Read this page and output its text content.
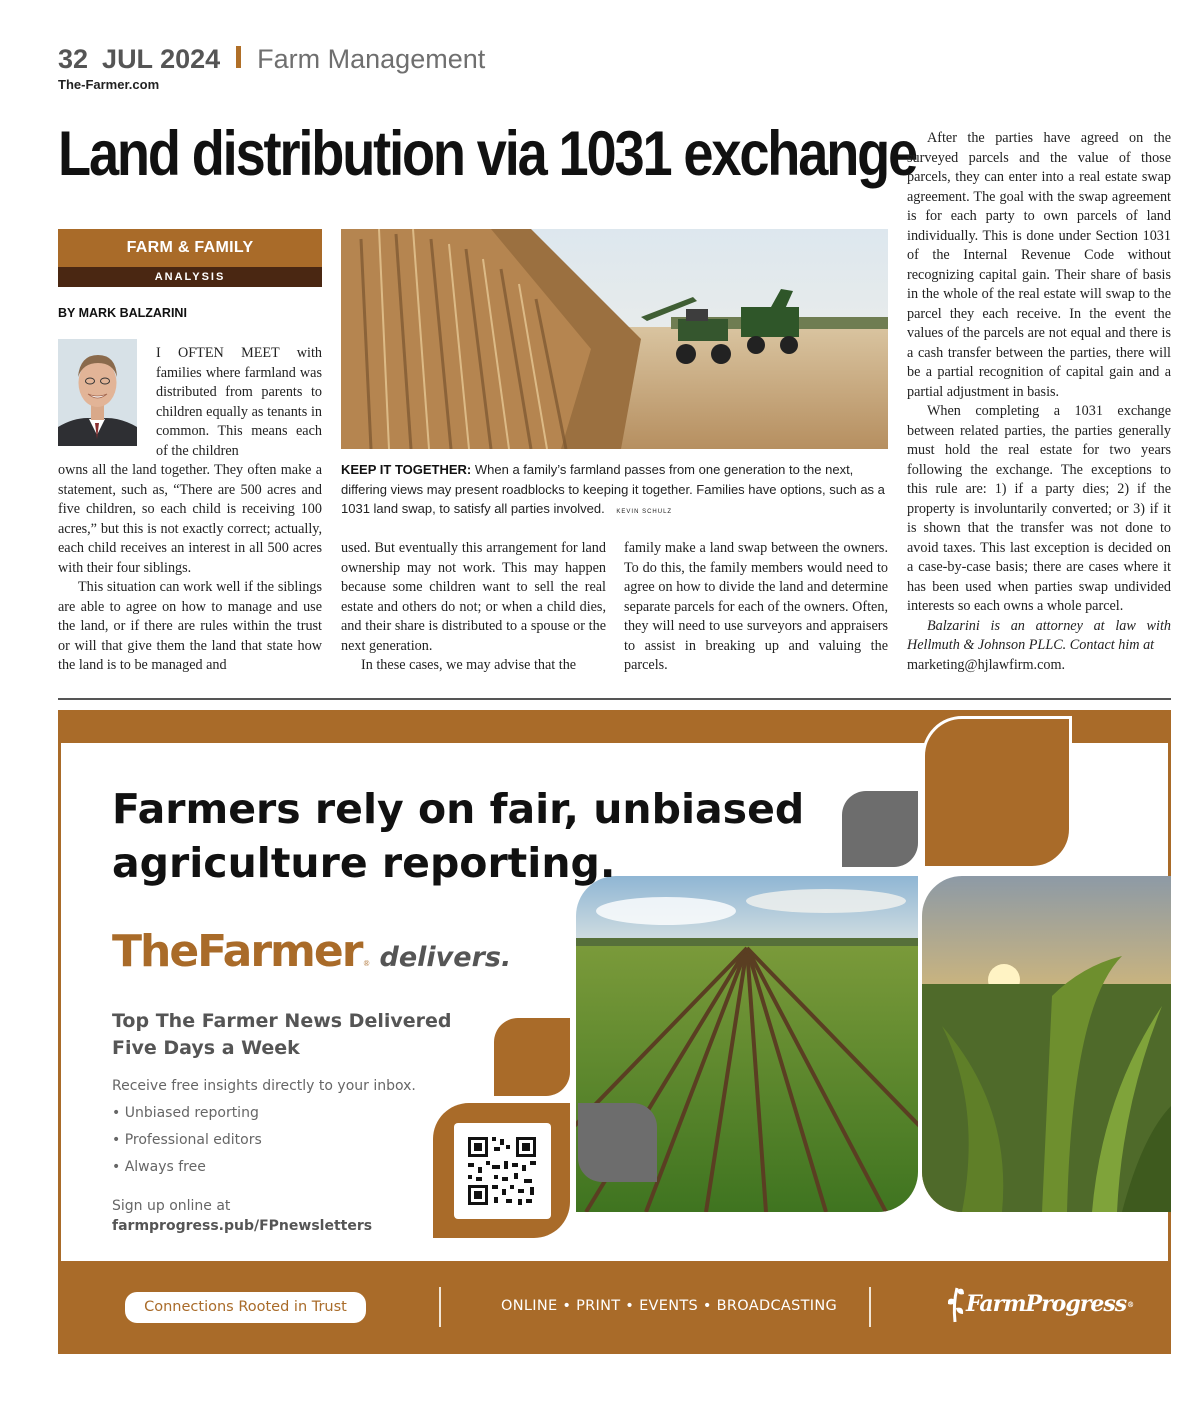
32 JUL 2024 Farm Management
The-Farmer.com
Land distribution via 1031 exchange
FARM & FAMILY
ANALYSIS
BY MARK BALZARINI

I OFTEN MEET with families where farmland was distributed from parents to children equally as tenants in common. This means each of the children

owns all the land together. They often make a statement, such as, “There are 500 acres and five children, so each child is receiving 100 acres,” but this is not exactly correct; actually, each child receives an interest in all 500 acres with their four siblings.

This situation can work well if the siblings are able to agree on how to manage and use the land, or if there are rules within the trust or will that give them the land that state how the land is to be managed and

KEEP IT TOGETHER: When a family’s farmland passes from one generation to the next, differing views may present roadblocks to keeping it together. Families have options, such as a 1031 land swap, to satisfy all parties involved. KEVIN SCHULZ

used. But eventually this arrangement for land ownership may not work. This may happen because some children want to sell the real estate and others do not; or when a child dies, and their share is distributed to a spouse or the next generation.

In these cases, we may advise that the

family make a land swap between the owners. To do this, the family members would need to agree on how to divide the land and determine separate parcels for each of the owners. Often, they will need to use surveyors and appraisers to assist in breaking up and valuing the parcels.

After the parties have agreed on the surveyed parcels and the value of those parcels, they can enter into a real estate swap agreement. The goal with the swap agreement is for each party to own parcels of land individually. This is done under Section 1031 of the Internal Revenue Code without recognizing capital gain. Their share of basis in the whole of the real estate will swap to the parcel they each receive. In the event the values of the parcels are not equal and there is a cash transfer between the parties, there will be a partial recognition of capital gain and a partial adjustment in basis.

When completing a 1031 exchange between related parties, the parties generally must hold the real estate for two years following the exchange. The exceptions to this rule are: 1) if a party dies; 2) if the property is involuntarily converted; or 3) if it is shown that the transfer was not done to avoid taxes. This last exception is decided on a case-by-case basis; there are cases where it has been used when parties swap undivided interests so each owns a whole parcel.

Balzarini is an attorney at law with Hellmuth & Johnson PLLC. Contact him at

marketing@hjlawfirm.com.

Farmers rely on fair, unbiased
agriculture reporting.
TheFarmer ® delivers.
Top The Farmer News Delivered
Five Days a Week
Receive free insights directly to your inbox.
• Unbiased reporting
• Professional editors
• Always free
Sign up online at
farmprogress.pub/FPnewsletters
Connections Rooted in Trust	ONLINE • PRINT • EVENTS • BROADCASTING	FarmProgress ®
